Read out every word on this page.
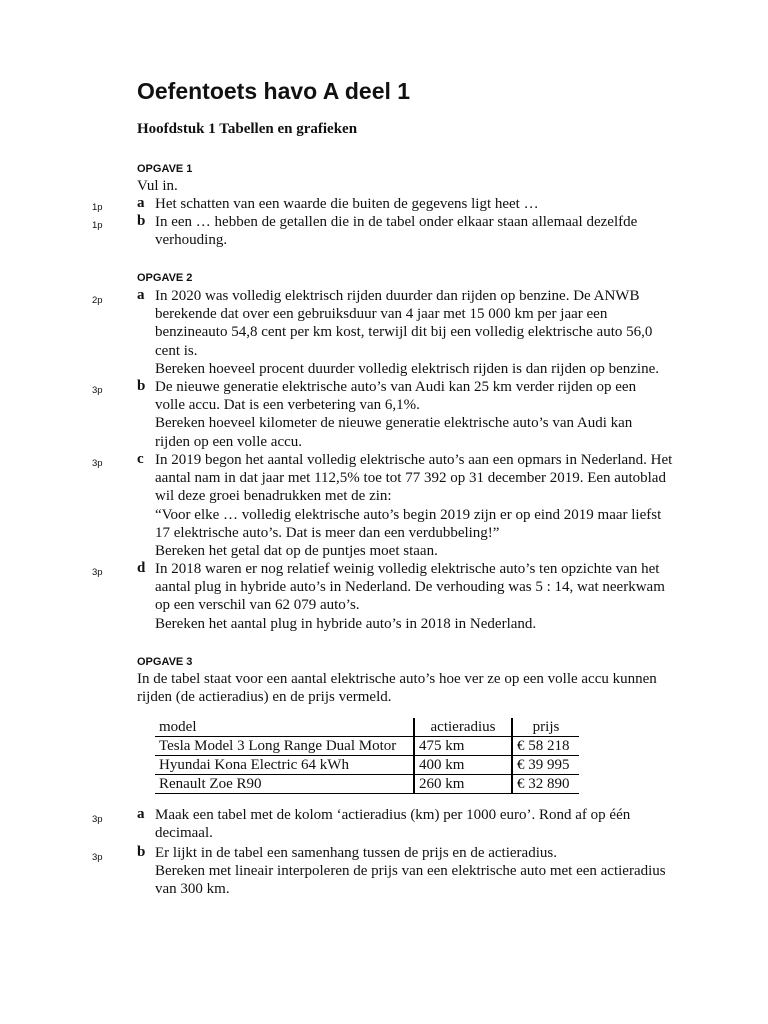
Oefentoets havo A deel 1
Hoofdstuk 1 Tabellen en grafieken
OPGAVE 1
Vul in.
1p a Het schatten van een waarde die buiten de gegevens ligt heet …

1p b In een … hebben de getallen die in de tabel onder elkaar staan allemaal dezelfde

verhouding.

OPGAVE 2
2p a In 2020 was volledig elektrisch rijden duurder dan rijden op benzine. De ANWB

berekende dat over een gebruiksduur van 4 jaar met 15 000 km per jaar een

benzineauto 54,8 cent per km kost, terwijl dit bij een volledig elektrische auto 56,0

cent is.

Bereken hoeveel procent duurder volledig elektrisch rijden is dan rijden op benzine.

3p b De nieuwe generatie elektrische auto’s van Audi kan 25 km verder rijden op een

volle accu. Dat is een verbetering van 6,1%.

Bereken hoeveel kilometer de nieuwe generatie elektrische auto’s van Audi kan

rijden op een volle accu.

3p c In 2019 begon het aantal volledig elektrische auto’s aan een opmars in Nederland. Het

aantal nam in dat jaar met 112,5% toe tot 77 392 op 31 december 2019. Een autoblad

wil deze groei benadrukken met de zin:

“Voor elke … volledig elektrische auto’s begin 2019 zijn er op eind 2019 maar liefst

17 elektrische auto’s. Dat is meer dan een verdubbeling!”

Bereken het getal dat op de puntjes moet staan.

3p d In 2018 waren er nog relatief weinig volledig elektrische auto’s ten opzichte van het

aantal plug in hybride auto’s in Nederland. De verhouding was 5 : 14, wat neerkwam

op een verschil van 62 079 auto’s.

Bereken het aantal plug in hybride auto’s in 2018 in Nederland.

OPGAVE 3

In de tabel staat voor een aantal elektrische auto’s hoe ver ze op een volle accu kunnen

rijden (de actieradius) en de prijs vermeld.

model	actieradius	prijs
Tesla Model 3 Long Range Dual Motor	475 km	€ 58 218
Hyundai Kona Electric 64 kWh	400 km	€ 39 995
Renault Zoe R90	260 km	€ 32 890
3p a Maak een tabel met de kolom ‘actieradius (km) per 1000 euro’. Rond af op één

decimaal.

3p b Er lijkt in de tabel een samenhang tussen de prijs en de actieradius.

Bereken met lineair interpoleren de prijs van een elektrische auto met een actieradius

van 300 km.
